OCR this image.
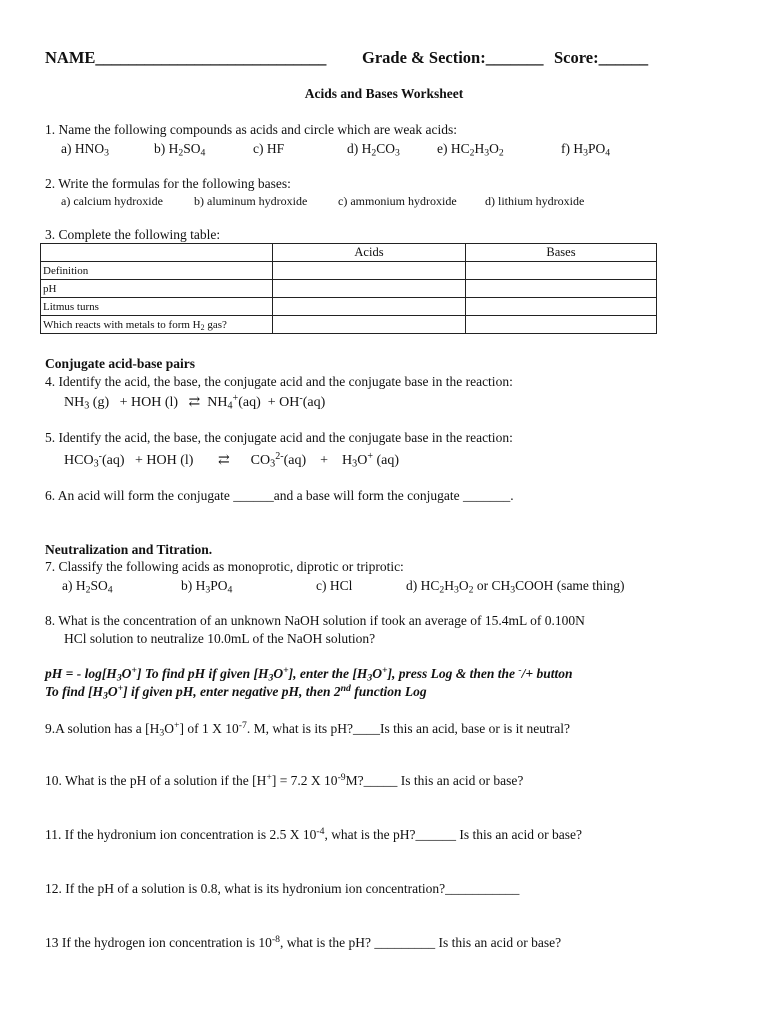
NAME____________________________ Grade & Section:_______ Score:______
Acids and Bases Worksheet
1. Name the following compounds as acids and circle which are weak acids:
a) $HNO_3$	b) $H_2SO_4$	c) HF	d) $H_2CO_3$	e) $HC_2H_3O_2$	f) $H_3PO_4$
2. Write the formulas for the following bases:
a) calcium hydroxide	b) aluminum hydroxide	c) ammonium hydroxide d) lithium hydroxide
3. Complete the following table:
	Acids	Bases
Definition		
pH		
Litmus turns		
Which reacts with metals to form $H_2$ gas?		
Conjugate acid-base pairs
4. Identify the acid, the base, the conjugate acid and the conjugate base in the reaction:
$NH_3$ (g)   + HOH (l)   ⇄  $NH_4^+(aq) + OH^-(aq)$
5. Identify the acid, the base, the conjugate acid and the conjugate base in the reaction:
$HCO_3^-(aq)$   + HOH (l)       ⇄      $CO_3^{2-}(aq)$    +    $H_3O^+$ (aq)
6. An acid will form the conjugate ______and a base will form the conjugate _______.
Neutralization and Titration.
7. Classify the following acids as monoprotic, diprotic or triprotic:
a) $H_2SO_4$	b) $H_3PO_4$	c) HCl	d) $HC_2H_3O_2$ or $CH_3COOH$ (same thing)
8. What is the concentration of an unknown NaOH solution if took an average of 15.4mL of 0.100N
HCl solution to neutralize 10.0mL of the NaOH solution?
pH = - $\log[H_3O^+]$ To find pH if given $[H_3O^+]$, enter the $[H_3O^+]$, press Log & then the -/+ button
To find $[H_3O^+]$ if given pH, enter negative pH, then 2nd function Log
9.A solution has a $[H_3O^+]$ of 1 X $10^{-7}$. M, what is its pH?____Is this an acid, base or is it neutral?
10. What is the pH of a solution if the [H+] = 7.2 X $10^{-9}M?\_\_\_\_\_$ Is this an acid or base?
11. If the hydronium ion concentration is 2.5 X $10^{-4}$, what is the pH?______ Is this an acid or base?
12. If the pH of a solution is 0.8, what is its hydronium ion concentration?___________
13 If the hydrogen ion concentration is $10^{-8}$, what is the pH? _________ Is this an acid or base?
